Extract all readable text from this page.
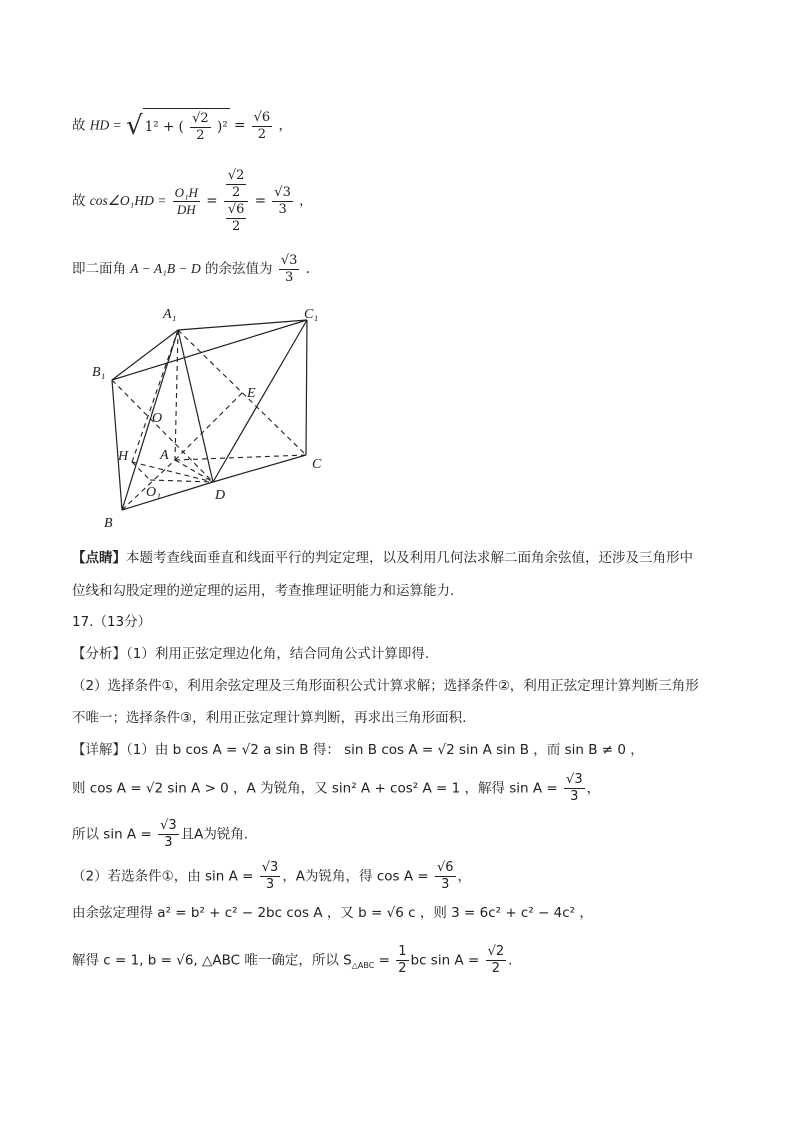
故 HD = √ 1² + ( $\frac{√2}{2} )^2 = \frac{√6}{2}$ ，
故 cos∠O₁HD = $\frac{\text{O₁H}}{DH} = \frac{\frac{√2}{2}}{\frac{√6}{2}} = \frac{√3}{3}$ ，
即二面角 A − A₁B − D 的余弦值为 $\frac{√3}{3}$ .
A₁	C₁
B₁
O
E
H A
C
O₁	D
B
【点睛】本题考查线面垂直和线面平行的判定定理，以及利用几何法求解二面角余弦值，还涉及三角形中
位线和勾股定理的逆定理的运用，考查推理证明能力和运算能力.
17.（13分）
【分析】（1）利用正弦定理边化角，结合同角公式计算即得.
（2）选择条件①，利用余弦定理及三角形面积公式计算求解；选择条件②，利用正弦定理计算判断三角形
不唯一；选择条件③，利用正弦定理计算判断，再求出三角形面积.
【详解】（1）由 b cos A = √2 a sin B 得： sin B cos A = √2 sin A sin B ，而 sin B ≠ 0 ，
则 cos A = √2 sin A > 0 ，A 为锐角，又 sin² A + cos² A = 1 ，解得 $\sin A = \frac{√3}{3}$ ，
所以 $\sin A = \frac{√3}{3}$ 且A为锐角.
（2）若选条件①，由 $\sin A = \frac{√3}{3}$ ，A为锐角，得 $\cos A = \frac{√6}{3}$ ，
由余弦定理得 a² = b² + c² − 2bc cos A ，又 b = √6 c ，则 3 = 6c² + c² − 4c² ，
解得 c = 1, b = √6, △ABC 唯一确定，所以 $S_{\triangle ABC} = \frac{1}{2}$ bc $\sin A = \frac{√2}{2}$ .
